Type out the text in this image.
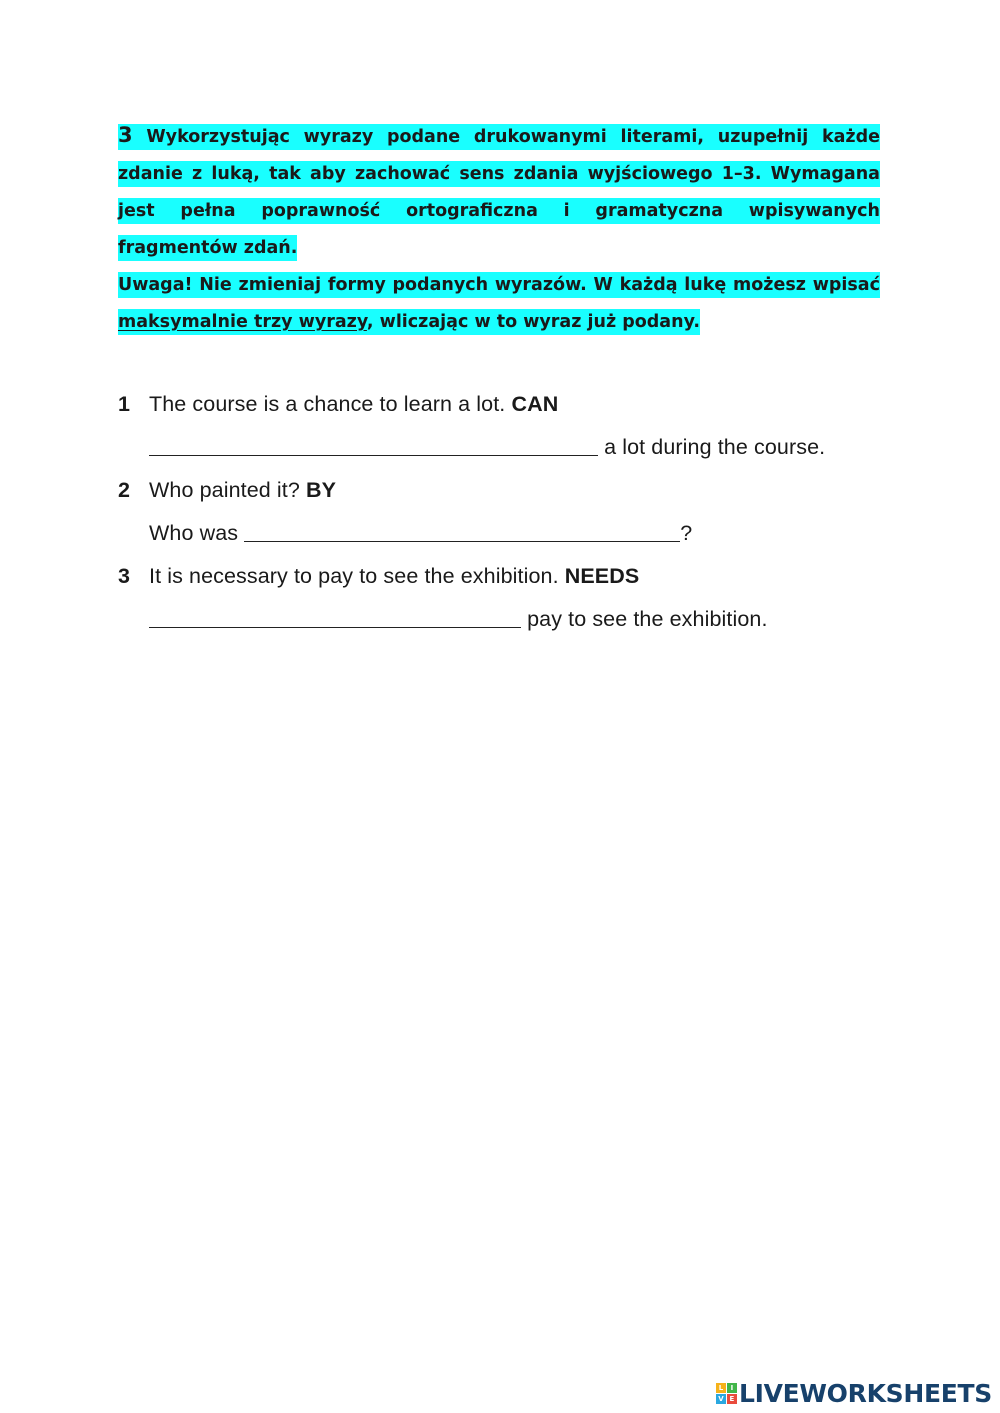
3 Wykorzystując wyrazy podane drukowanymi literami, uzupełnij każde zdanie z luką, tak aby zachować sens zdania wyjściowego 1–3. Wymagana jest pełna poprawność ortograficzna i gramatyczna wpisywanych fragmentów zdań.

Uwaga! Nie zmieniaj formy podanych wyrazów. W każdą lukę możesz wpisać maksymalnie trzy wyrazy, wliczając w to wyraz już podany.

1 The course is a chance to learn a lot.
CAN

a lot during the course.
2 Who painted it?
BY
Who was
	?
3 It is necessary to pay to see the exhibition.
NEEDS

pay to see the exhibition.
L	I
V E LIVEWORKSHEETS
